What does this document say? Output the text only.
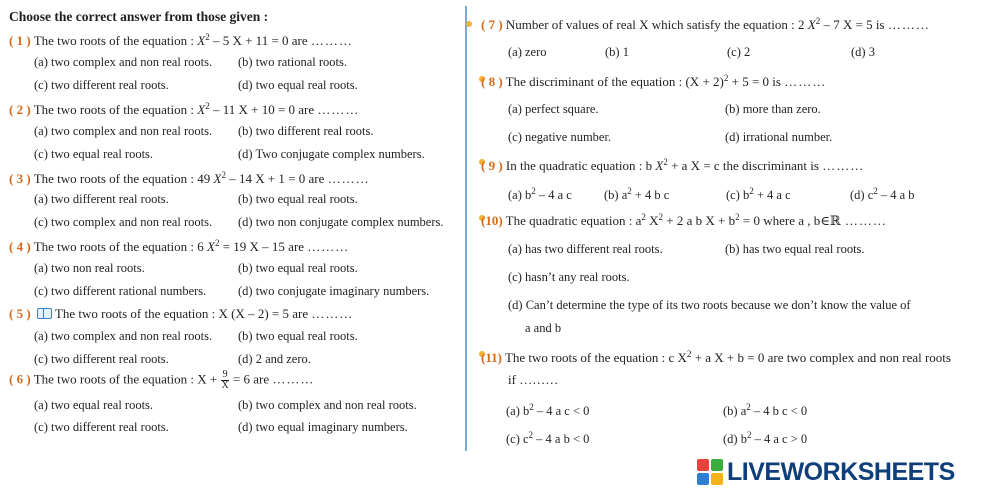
Choose the correct answer from those given :
( 1 ) The two roots of the equation : $X^2 - 5$ X + 11 = 0 are ………
(a) two complex and non real roots. (b) two rational roots.
(c) two different real roots.	(d) two equal real roots.
( 2 ) The two roots of the equation : $X^2 - 11$ X + 10 = 0 are ………
(a) two complex and non real roots. (b) two different real roots.
(c) two equal real roots.	(d) Two conjugate complex numbers.
( 3 ) The two roots of the equation : 49 $X^2 - 14$ X + 1 = 0 are ………
(a) two different real roots.	(b) two equal real roots.
(c) two complex and non real roots. (d) two non conjugate complex numbers.
( 4 ) The two roots of the equation : 6 $X^2 = 19$ X – 15 are ………
(a) two non real roots.	(b) two equal real roots.
(c) two different rational numbers.	(d) two conjugate imaginary numbers.
( 5 ) The two roots of the equation : X (X – 2) = 5 are ………
(a) two complex and non real roots. (b) two equal real roots.
(c) two different real roots.	(d) 2 and zero.
( 6 ) The two roots of the equation : $X + \frac{9}{X} = 6$ are ………
(a) two equal real roots.	(b) two complex and non real roots.
(c) two different real roots.	(d) two equal imaginary numbers.
( 7 ) Number of values of real X which satisfy the equation : 2 $X^2 - 7$ X = 5 is ………
(a) zero	(b) 1	(c) 2	(d) 3
( 8 ) The discriminant of the equation : $(X + 2)^2 + 5 = 0$ is ………
(a) perfect square.	(b) more than zero.
(c) negative number.	(d) irrational number.
( 9 ) In the quadratic equation : b $X^2 + a$ X = c the discriminant is ………
(a) $b^2 - 4$ a c	(b) $a^2 + 4$ b c	(c) $b^2 + 4$ a c	(d) $c^2 - 4$ a b
(10) The quadratic equation : $a^2$ $X^2 + 2$ a b $X + b^2 = 0$ where a , b∈ℝ ………
(a) has two different real roots.	(b) has two equal real roots.
(c) hasn’t any real roots.
(d) Can’t determine the type of its two roots because we don’t know the value of
a and b
(11) The two roots of the equation : c $X^2 + a$ X + b = 0 are two complex and non real roots
if ………
(a) $b^2 - 4$ a c < 0	(b) $a^2 - 4$ b c < 0
(c) $c^2 - 4$ a b < 0	(d) $b^2 - 4$ a c > 0
LIVEWORKSHEETS
